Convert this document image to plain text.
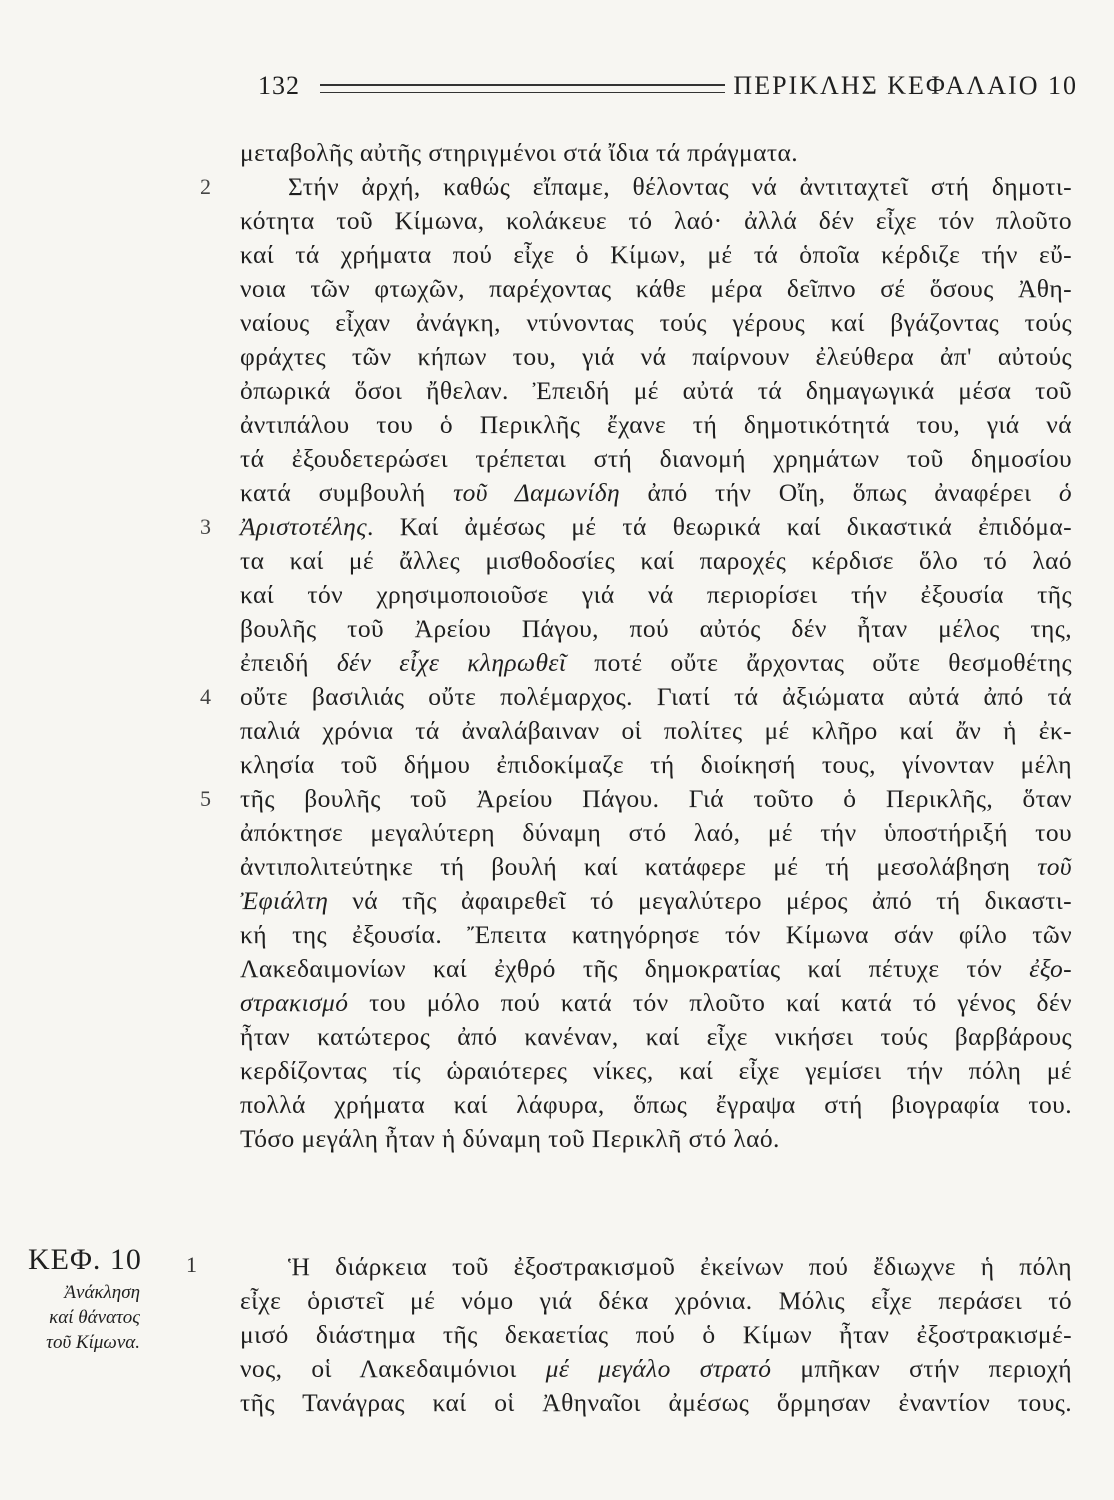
132	ΠΕΡΙΚΛΗΣ ΚΕΦΑΛΑΙΟ 10
μεταβολῆς αὐτῆς στηριγμένοι στά ἴδια τά πράγματα.
2	Στήν ἀρχή, καθώς εἴπαμε, θέλοντας νά ἀντιταχτεῖ στή δημοτι-
κότητα τοῦ Κίμωνα, κολάκευε τό λαό· ἀλλά δέν εἶχε τόν πλοῦτο
καί τά χρήματα πού εἶχε ὁ Κίμων, μέ τά ὁποῖα κέρδιζε τήν εὔ-
νοια τῶν φτωχῶν, παρέχοντας κάθε μέρα δεῖπνο σέ ὅσους Ἀθη-
ναίους εἶχαν ἀνάγκη, ντύνοντας τούς γέρους καί βγάζοντας τούς
φράχτες τῶν κήπων του, γιά νά παίρνουν ἐλεύθερα ἀπ' αὐτούς
ὀπωρικά ὅσοι ἤθελαν. Ἐπειδή μέ αὐτά τά δημαγωγικά μέσα τοῦ
ἀντιπάλου του ὁ Περικλῆς ἔχανε τή δημοτικότητά του, γιά νά
τά ἐξουδετερώσει τρέπεται στή διανομή χρημάτων τοῦ δημοσίου
κατά συμβουλή τοῦ Δαμωνίδη ἀπό τήν Οἴη, ὅπως ἀναφέρει ὁ
3 Ἀριστοτέλης. Καί ἀμέσως μέ τά θεωρικά καί δικαστικά ἐπιδόμα-
τα καί μέ ἄλλες μισθοδοσίες καί παροχές κέρδισε ὅλο τό λαό
καί τόν χρησιμοποιοῦσε γιά νά περιορίσει τήν ἐξουσία τῆς
βουλῆς τοῦ Ἀρείου Πάγου, πού αὐτός δέν ἦταν μέλος της,
ἐπειδή δέν εἶχε κληρωθεῖ ποτέ οὔτε ἄρχοντας οὔτε θεσμοθέτης
4 οὔτε βασιλιάς οὔτε πολέμαρχος. Γιατί τά ἀξιώματα αὐτά ἀπό τά
παλιά χρόνια τά ἀναλάβαιναν οἱ πολίτες μέ κλῆρο καί ἄν ἡ ἐκ-
κλησία τοῦ δήμου ἐπιδοκίμαζε τή διοίκησή τους, γίνονταν μέλη
5 τῆς βουλῆς τοῦ Ἀρείου Πάγου. Γιά τοῦτο ὁ Περικλῆς, ὅταν
ἀπόκτησε μεγαλύτερη δύναμη στό λαό, μέ τήν ὑποστήριξή του
ἀντιπολιτεύτηκε τή βουλή καί κατάφερε μέ τή μεσολάβηση τοῦ
Ἐφιάλτη νά τῆς ἀφαιρεθεῖ τό μεγαλύτερο μέρος ἀπό τή δικαστι-
κή της ἐξουσία. Ἔπειτα κατηγόρησε τόν Κίμωνα σάν φίλο τῶν
Λακεδαιμονίων καί ἐχθρό τῆς δημοκρατίας καί πέτυχε τόν ἐξο-
στρακισμό του μόλο πού κατά τόν πλοῦτο καί κατά τό γένος δέν
ἦταν κατώτερος ἀπό κανέναν, καί εἶχε νικήσει τούς βαρβάρους
κερδίζοντας τίς ὡραιότερες νίκες, καί εἶχε γεμίσει τήν πόλη μέ
πολλά χρήματα καί λάφυρα, ὅπως ἔγραψα στή βιογραφία του.
Τόσο μεγάλη ἦταν ἡ δύναμη τοῦ Περικλῆ στό λαό.
ΚΕΦ. 10
Ἀνάκληση
καί θάνατος
τοῦ Κίμωνα.
1	Ἡ διάρκεια τοῦ ἐξοστρακισμοῦ ἐκείνων πού ἔδιωχνε ἡ πόλη
εἶχε ὁριστεῖ μέ νόμο γιά δέκα χρόνια. Μόλις εἶχε περάσει τό
μισό διάστημα τῆς δεκαετίας πού ὁ Κίμων ἦταν ἐξοστρακισμέ-
νος, οἱ Λακεδαιμόνιοι μέ μεγάλο στρατό μπῆκαν στήν περιοχή
τῆς Τανάγρας καί οἱ Ἀθηναῖοι ἀμέσως ὅρμησαν ἐναντίον τους.
